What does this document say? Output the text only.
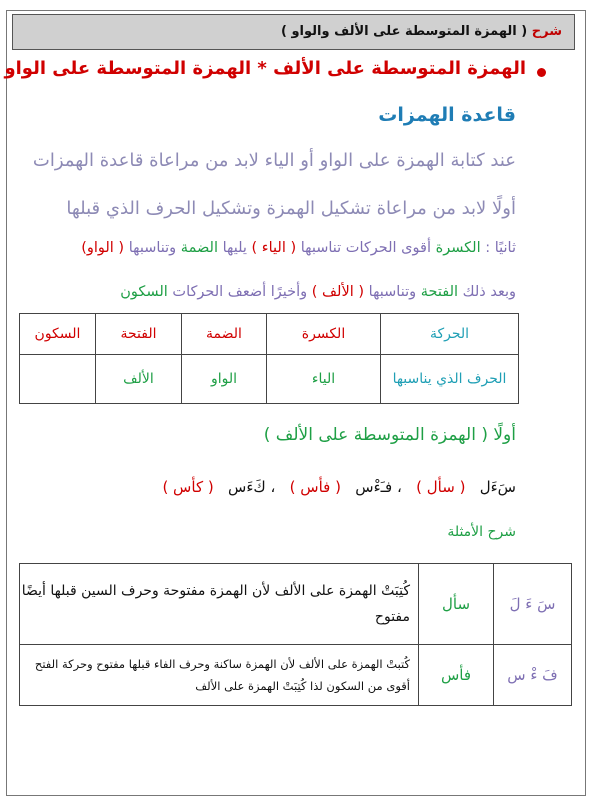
شرح ( الهمزة المتوسطة على الألف والواو )
الهمزة المتوسطة على الألف * الهمزة المتوسطة على الواو
قاعدة الهمزات
عند كتابة الهمزة على الواو أو الياء لابد من مراعاة قاعدة الهمزات
أولًا لابد من مراعاة تشكيل الهمزة وتشكيل الحرف الذي قبلها
ثانيًا : الكسرة أقوى الحركات تناسبها ( الياء ) يليها الضمة وتناسبها ( الواو)
وبعد ذلك الفتحة وتناسبها ( الألف ) وأخيرًا أضعف الحركات السكون
الحركة	الكسرة	الضمة	الفتحة	السكون
الحرف الذي يناسبها	الياء	الواو	الألف	
أولًا ( الهمزة المتوسطة على الألف )
سَءَل   ( سأل )   ، فـَءْس   ( فأس )   ، كَءَس   ( كأس )
شرح الأمثلة
سَ ءَ لَ	سأل	كُتِبَتْ الهمزة على الألف لأن الهمزة مفتوحة وحرف السين قبلها أيضًا مفتوح
فَ ءْ س	فأس	كُتبتْ الهمزة على الألف لأن الهمزة ساكنة وحرف الفاء قبلها مفتوح وحركة الفتح أقوى من السكون لذا كُتِبَتْ الهمزة على الألف
